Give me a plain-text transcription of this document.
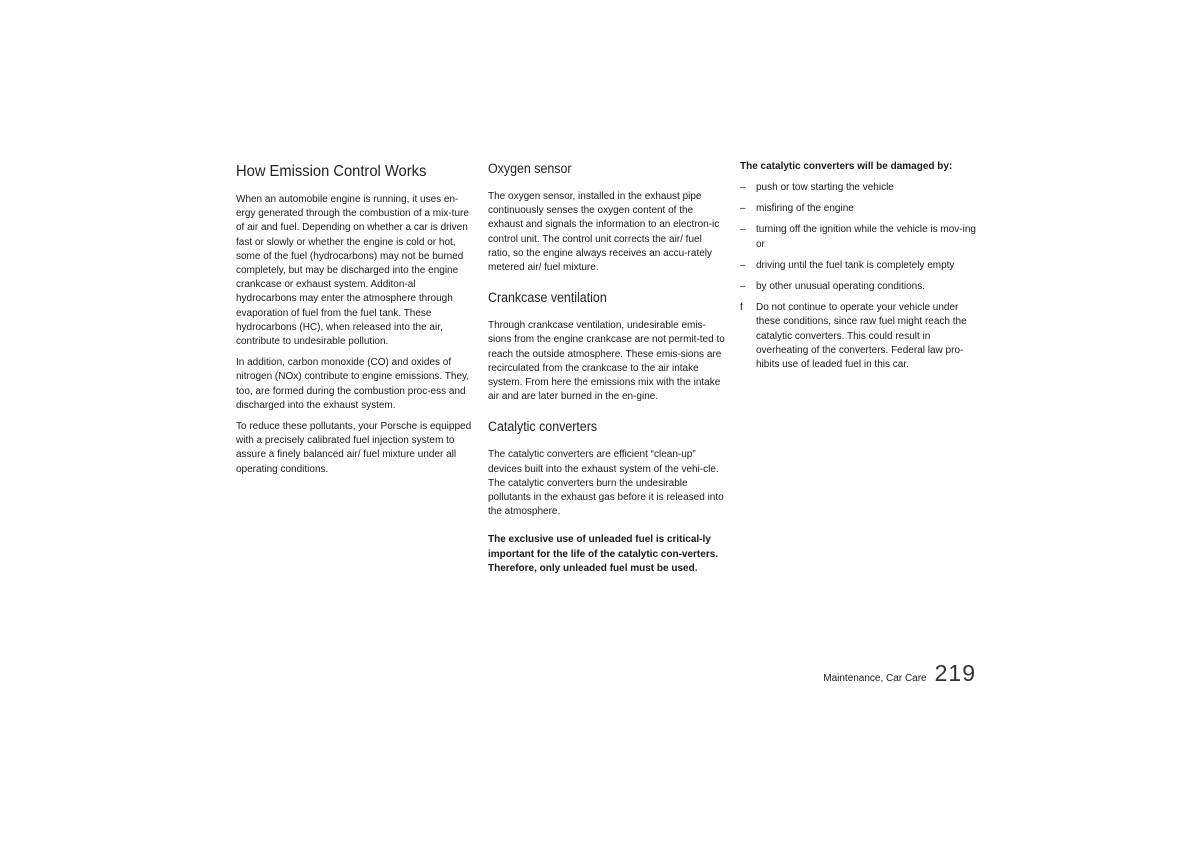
How Emission Control Works

When an automobile engine is running, it uses en-ergy generated through the combustion of a mix-ture of air and fuel. Depending on whether a car is driven fast or slowly or whether the engine is cold or hot, some of the fuel (hydrocarbons) may not be burned completely, but may be discharged into the engine crankcase or exhaust system. Additon-al hydrocarbons may enter the atmosphere through evaporation of fuel from the fuel tank. These hydrocarbons (HC), when released into the air, contribute to undesirable pollution.

In addition, carbon monoxide (CO) and oxides of nitrogen (NOx) contribute to engine emissions. They, too, are formed during the combustion proc-ess and discharged into the exhaust system.

To reduce these pollutants, your Porsche is equipped with a precisely calibrated fuel injection system to assure a finely balanced air/ fuel mixture under all operating conditions.

Oxygen sensor

The oxygen sensor, installed in the exhaust pipe continuously senses the oxygen content of the exhaust and signals the information to an electron-ic control unit. The control unit corrects the air/ fuel ratio, so the engine always receives an accu-rately metered air/ fuel mixture.

Crankcase ventilation

Through crankcase ventilation, undesirable emis-sions from the engine crankcase are not permit-ted to reach the outside atmosphere. These emis-sions are recirculated from the crankcase to the air intake system. From here the emissions mix with the intake air and are later burned in the en-gine.

Catalytic converters

The catalytic converters are efficient “clean-up” devices built into the exhaust system of the vehi-cle. The catalytic converters burn the undesirable pollutants in the exhaust gas before it is released into the atmosphere.

The exclusive use of unleaded fuel is critical-ly important for the life of the catalytic con-verters. Therefore, only unleaded fuel must be used.

The catalytic converters will be damaged by:
– push or tow starting the vehicle
– misfiring of the engine
– turning off the ignition while the vehicle is mov-ing or
– driving until the fuel tank is completely empty
– by other unusual operating conditions.
f Do not continue to operate your vehicle under these conditions, since raw fuel might reach the catalytic converters. This could result in overheating of the converters. Federal law pro-hibits use of leaded fuel in this car.
Maintenance, Car Care 219
